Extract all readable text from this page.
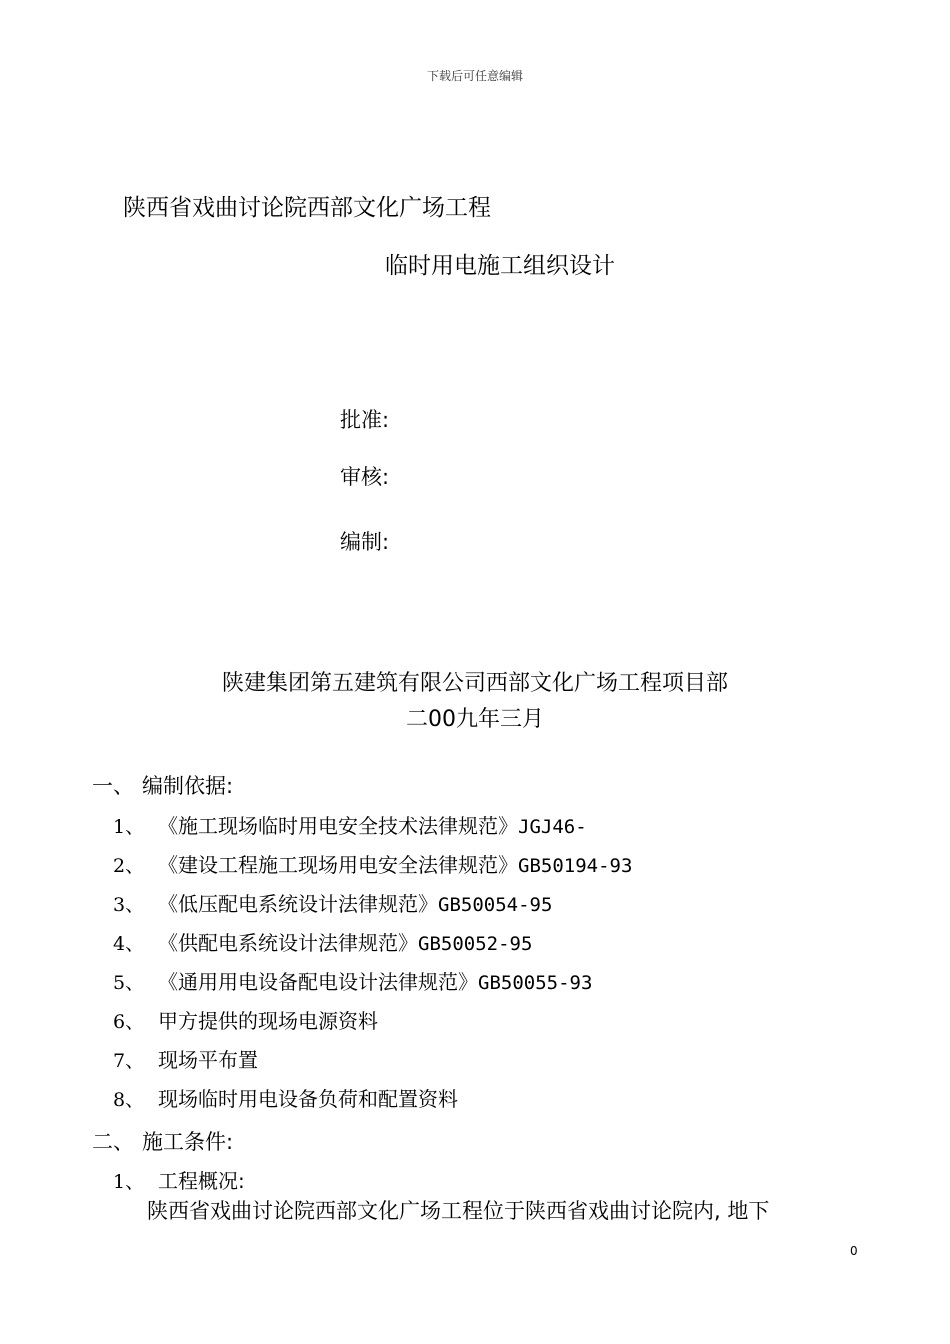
下载后可任意编辑
陕西省戏曲讨论院西部文化广场工程
临时用电施工组织设计
批准:
审核:
编制:
陕建集团第五建筑有限公司西部文化广场工程项目部
二00九年三月
一、 编制依据:
1、 《施工现场临时用电安全技术法律规范》JGJ46-
2、 《建设工程施工现场用电安全法律规范》GB50194-93
3、 《低压配电系统设计法律规范》GB50054-95
4、 《供配电系统设计法律规范》GB50052-95
5、 《通用用电设备配电设计法律规范》GB50055-93
6、 甲方提供的现场电源资料
7、 现场平布置
8、 现场临时用电设备负荷和配置资料
二、 施工条件:
1、 工程概况:
陕西省戏曲讨论院西部文化广场工程位于陕西省戏曲讨论院内, 地下
0
